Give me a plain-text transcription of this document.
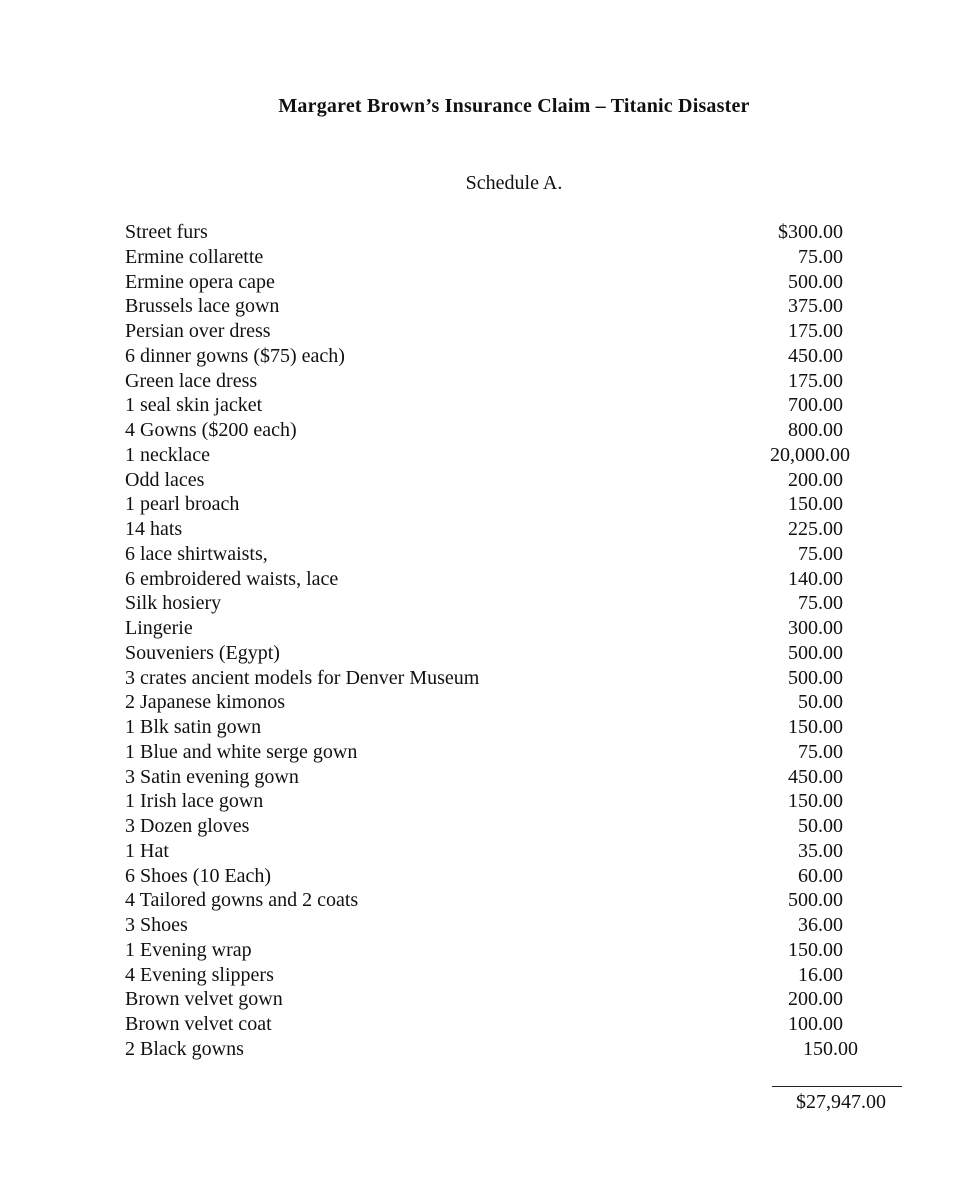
Margaret Brown’s Insurance Claim – Titanic Disaster
Schedule A.
Street furs	$300.00
Ermine collarette	75.00
Ermine opera cape	500.00
Brussels lace gown	375.00
Persian over dress	175.00
6 dinner gowns ($75) each)	450.00
Green lace dress	175.00
1 seal skin jacket	700.00
4 Gowns ($200 each)	800.00
1 necklace	20,000.00
Odd laces	200.00
1 pearl broach	150.00
14 hats	225.00
6 lace shirtwaists,	75.00
6 embroidered waists, lace	140.00
Silk hosiery	75.00
Lingerie	300.00
Souveniers (Egypt)	500.00
3 crates ancient models for Denver Museum	500.00
2 Japanese kimonos	50.00
1 Blk satin gown	150.00
1 Blue and white serge gown	75.00
3 Satin evening gown	450.00
1 Irish lace gown	150.00
3 Dozen gloves	50.00
1 Hat	35.00
6 Shoes (10 Each)	60.00
4 Tailored gowns and 2 coats	500.00
3 Shoes	36.00
1 Evening wrap	150.00
4 Evening slippers	16.00
Brown velvet gown	200.00
Brown velvet coat	100.00
2 Black gowns	150.00
$27,947.00
